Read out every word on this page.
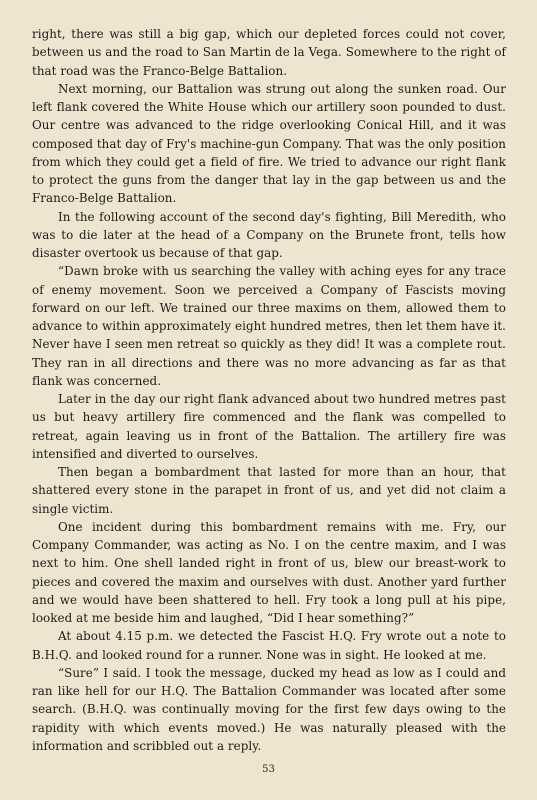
right, there was still a big gap, which our depleted forces could not cover, between us and the road to San Martin de la Vega. Somewhere to the right of that road was the Franco-Belge Battalion.

Next morning, our Battalion was strung out along the sunken road. Our left flank covered the White House which our artillery soon pounded to dust. Our centre was advanced to the ridge overlooking Conical Hill, and it was composed that day of Fry's machine-gun Company. That was the only position from which they could get a field of fire. We tried to advance our right flank to protect the guns from the danger that lay in the gap between us and the Franco-Belge Battalion.

In the following account of the second day's fighting, Bill Meredith, who was to die later at the head of a Company on the Brunete front, tells how disaster overtook us because of that gap.

“Dawn broke with us searching the valley with aching eyes for any trace of enemy movement. Soon we perceived a Company of Fascists moving forward on our left. We trained our three maxims on them, allowed them to advance to within approximately eight hundred metres, then let them have it. Never have I seen men retreat so quickly as they did! It was a complete rout. They ran in all directions and there was no more advancing as far as that flank was concerned.

Later in the day our right flank advanced about two hundred metres past us but heavy artillery fire commenced and the flank was compelled to retreat, again leaving us in front of the Battalion. The artillery fire was intensified and diverted to ourselves.

Then began a bombardment that lasted for more than an hour, that shattered every stone in the parapet in front of us, and yet did not claim a single victim.

One incident during this bombardment remains with me. Fry, our Company Commander, was acting as No. I on the centre maxim, and I was next to him. One shell landed right in front of us, blew our breast-work to pieces and covered the maxim and ourselves with dust. Another yard further and we would have been shattered to hell. Fry took a long pull at his pipe, looked at me beside him and laughed, “Did I hear something?”

At about 4.15 p.m. we detected the Fascist H.Q. Fry wrote out a note to B.H.Q. and looked round for a runner. None was in sight. He looked at me.

“Sure” I said. I took the message, ducked my head as low as I could and ran like hell for our H.Q. The Battalion Commander was located after some search. (B.H.Q. was continually moving for the first few days owing to the rapidity with which events moved.) He was naturally pleased with the information and scribbled out a reply.

53
